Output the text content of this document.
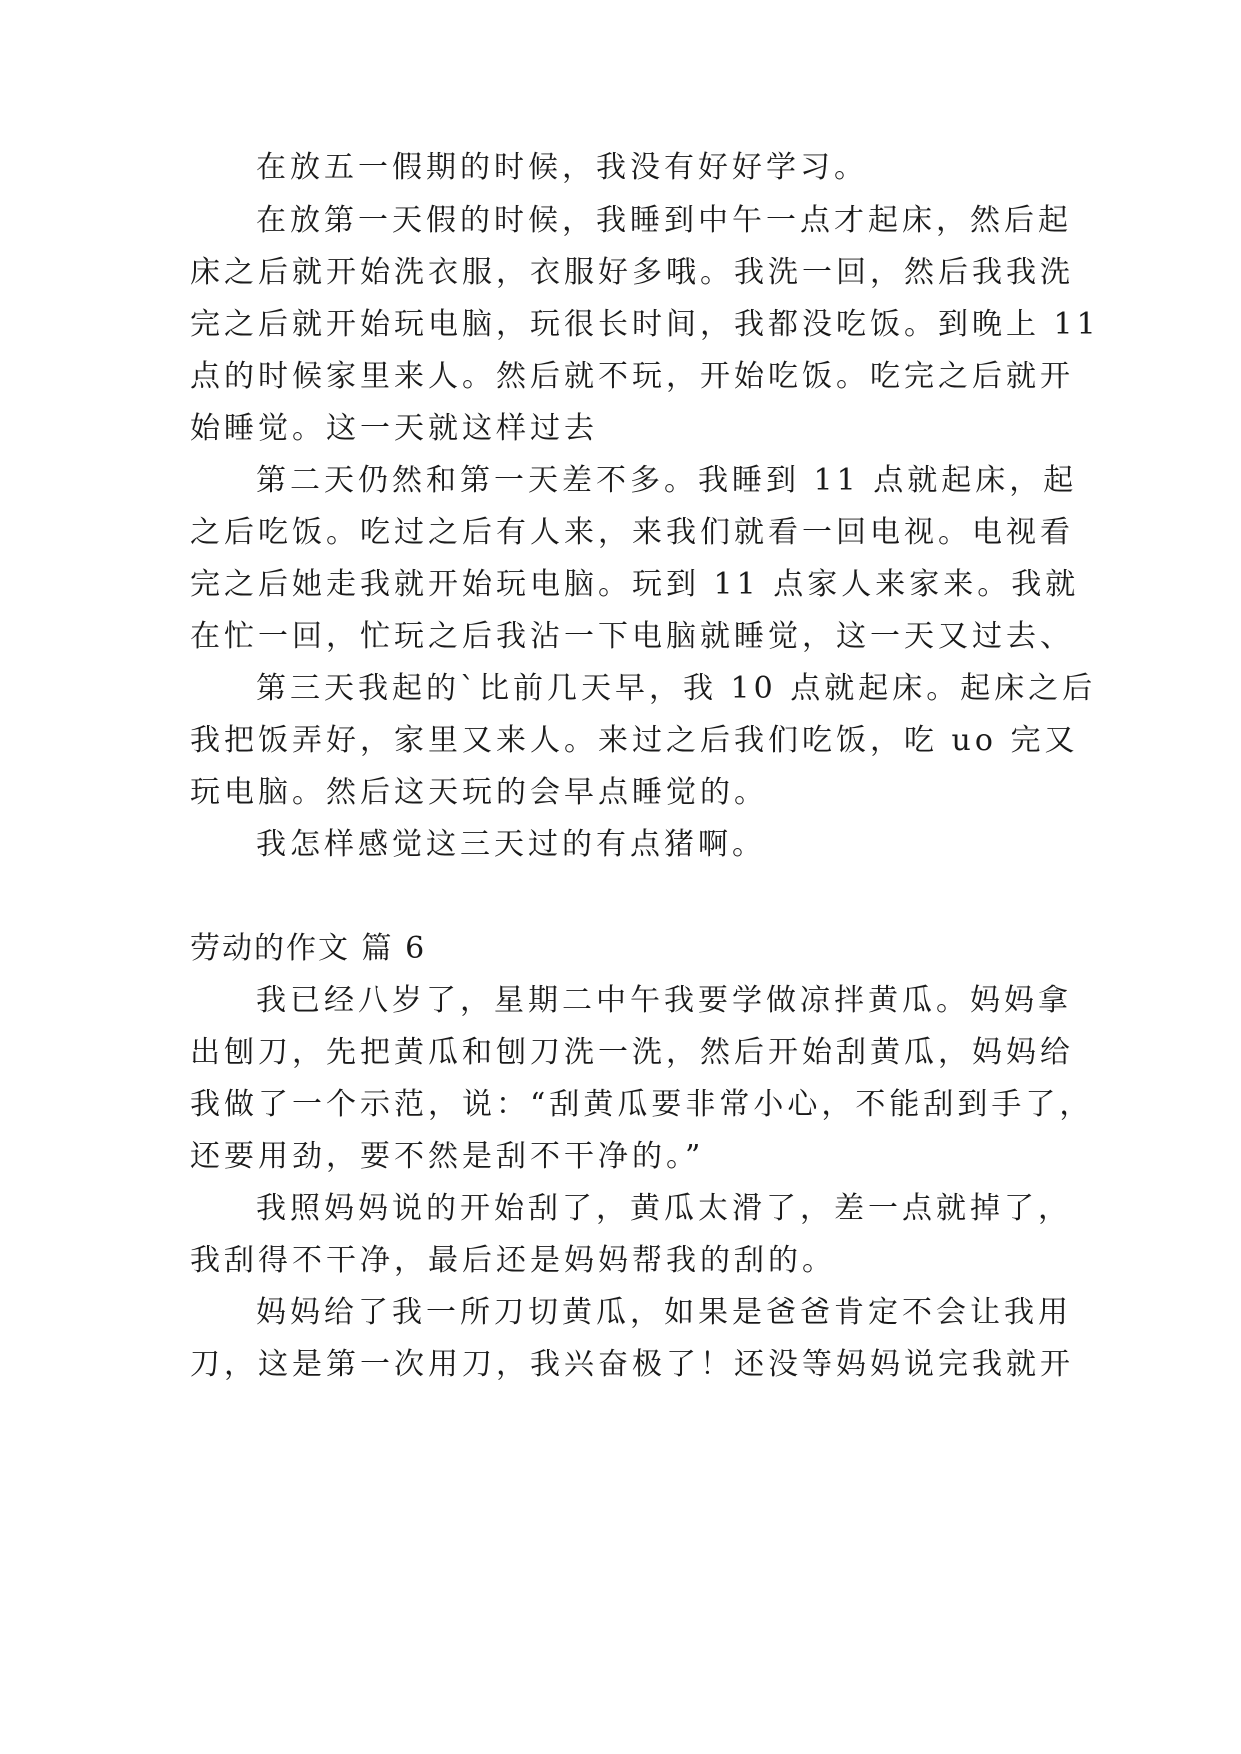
在放五一假期的时候，我没有好好学习。

在放第一天假的时候，我睡到中午一点才起床，然后起

床之后就开始洗衣服，衣服好多哦。我洗一回，然后我我洗

完之后就开始玩电脑，玩很长时间，我都没吃饭。到晚上 11

点的时候家里来人。然后就不玩，开始吃饭。吃完之后就开

始睡觉。这一天就这样过去

第二天仍然和第一天差不多。我睡到 11 点就起床，起

之后吃饭。吃过之后有人来，来我们就看一回电视。电视看

完之后她走我就开始玩电脑。玩到 11 点家人来家来。我就

在忙一回，忙玩之后我沾一下电脑就睡觉，这一天又过去、

第三天我起的`比前几天早，我 10 点就起床。起床之后

我把饭弄好，家里又来人。来过之后我们吃饭，吃 uo 完又

玩电脑。然后这天玩的会早点睡觉的。

我怎样感觉这三天过的有点猪啊。

劳动的作文 篇 6

我已经八岁了，星期二中午我要学做凉拌黄瓜。妈妈拿

出刨刀，先把黄瓜和刨刀洗一洗，然后开始刮黄瓜，妈妈给

我做了一个示范，说：“刮黄瓜要非常小心，不能刮到手了，

还要用劲，要不然是刮不干净的。”

我照妈妈说的开始刮了，黄瓜太滑了，差一点就掉了，

我刮得不干净，最后还是妈妈帮我的刮的。

妈妈给了我一所刀切黄瓜，如果是爸爸肯定不会让我用

刀，这是第一次用刀，我兴奋极了！还没等妈妈说完我就开
